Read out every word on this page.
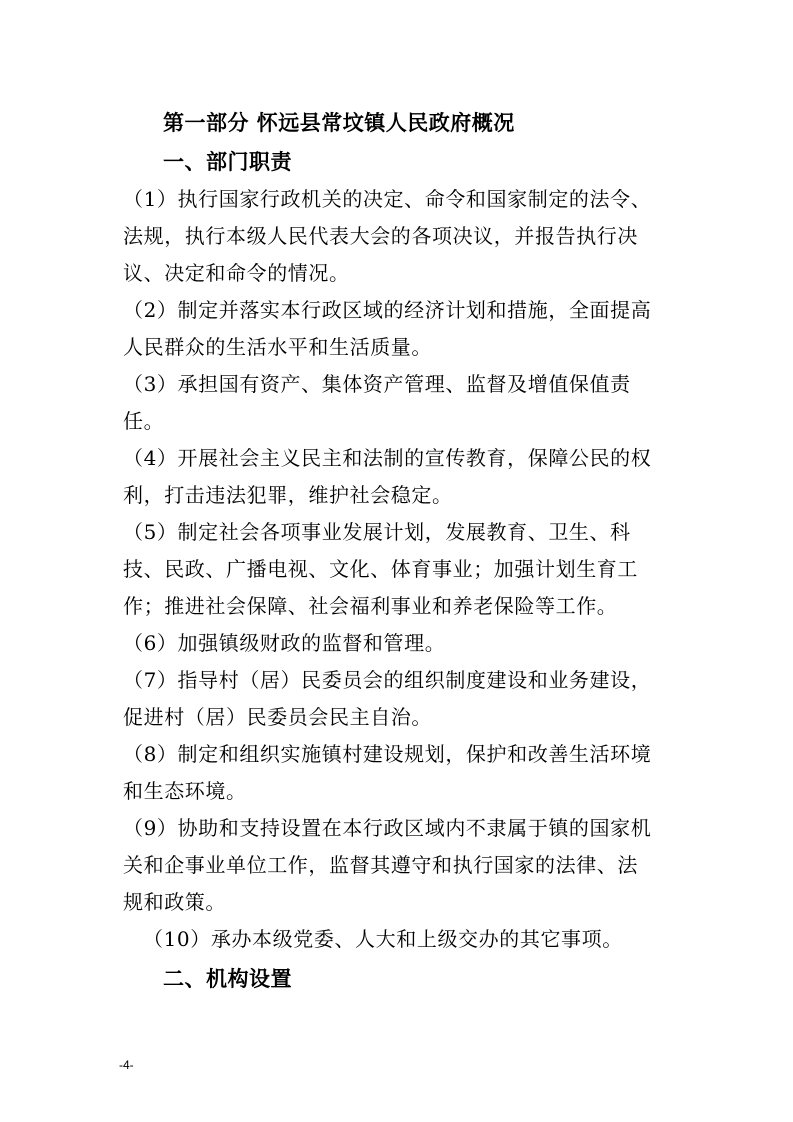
第一部分 怀远县常坟镇人民政府概况
一、部门职责
（1）执行国家行政机关的决定、命令和国家制定的法令、
法规，执行本级人民代表大会的各项决议，并报告执行决
议、决定和命令的情况。
（2）制定并落实本行政区域的经济计划和措施，全面提高
人民群众的生活水平和生活质量。
（3）承担国有资产、集体资产管理、监督及增值保值责
任。
（4）开展社会主义民主和法制的宣传教育，保障公民的权
利，打击违法犯罪，维护社会稳定。
（5）制定社会各项事业发展计划，发展教育、卫生、科
技、民政、广播电视、文化、体育事业；加强计划生育工
作；推进社会保障、社会福利事业和养老保险等工作。
（6）加强镇级财政的监督和管理。
（7）指导村（居）民委员会的组织制度建设和业务建设，
促进村（居）民委员会民主自治。
（8）制定和组织实施镇村建设规划，保护和改善生活环境
和生态环境。
（9）协助和支持设置在本行政区域内不隶属于镇的国家机
关和企事业单位工作，监督其遵守和执行国家的法律、法
规和政策。
（10）承办本级党委、人大和上级交办的其它事项。
二、机构设置
-4-
